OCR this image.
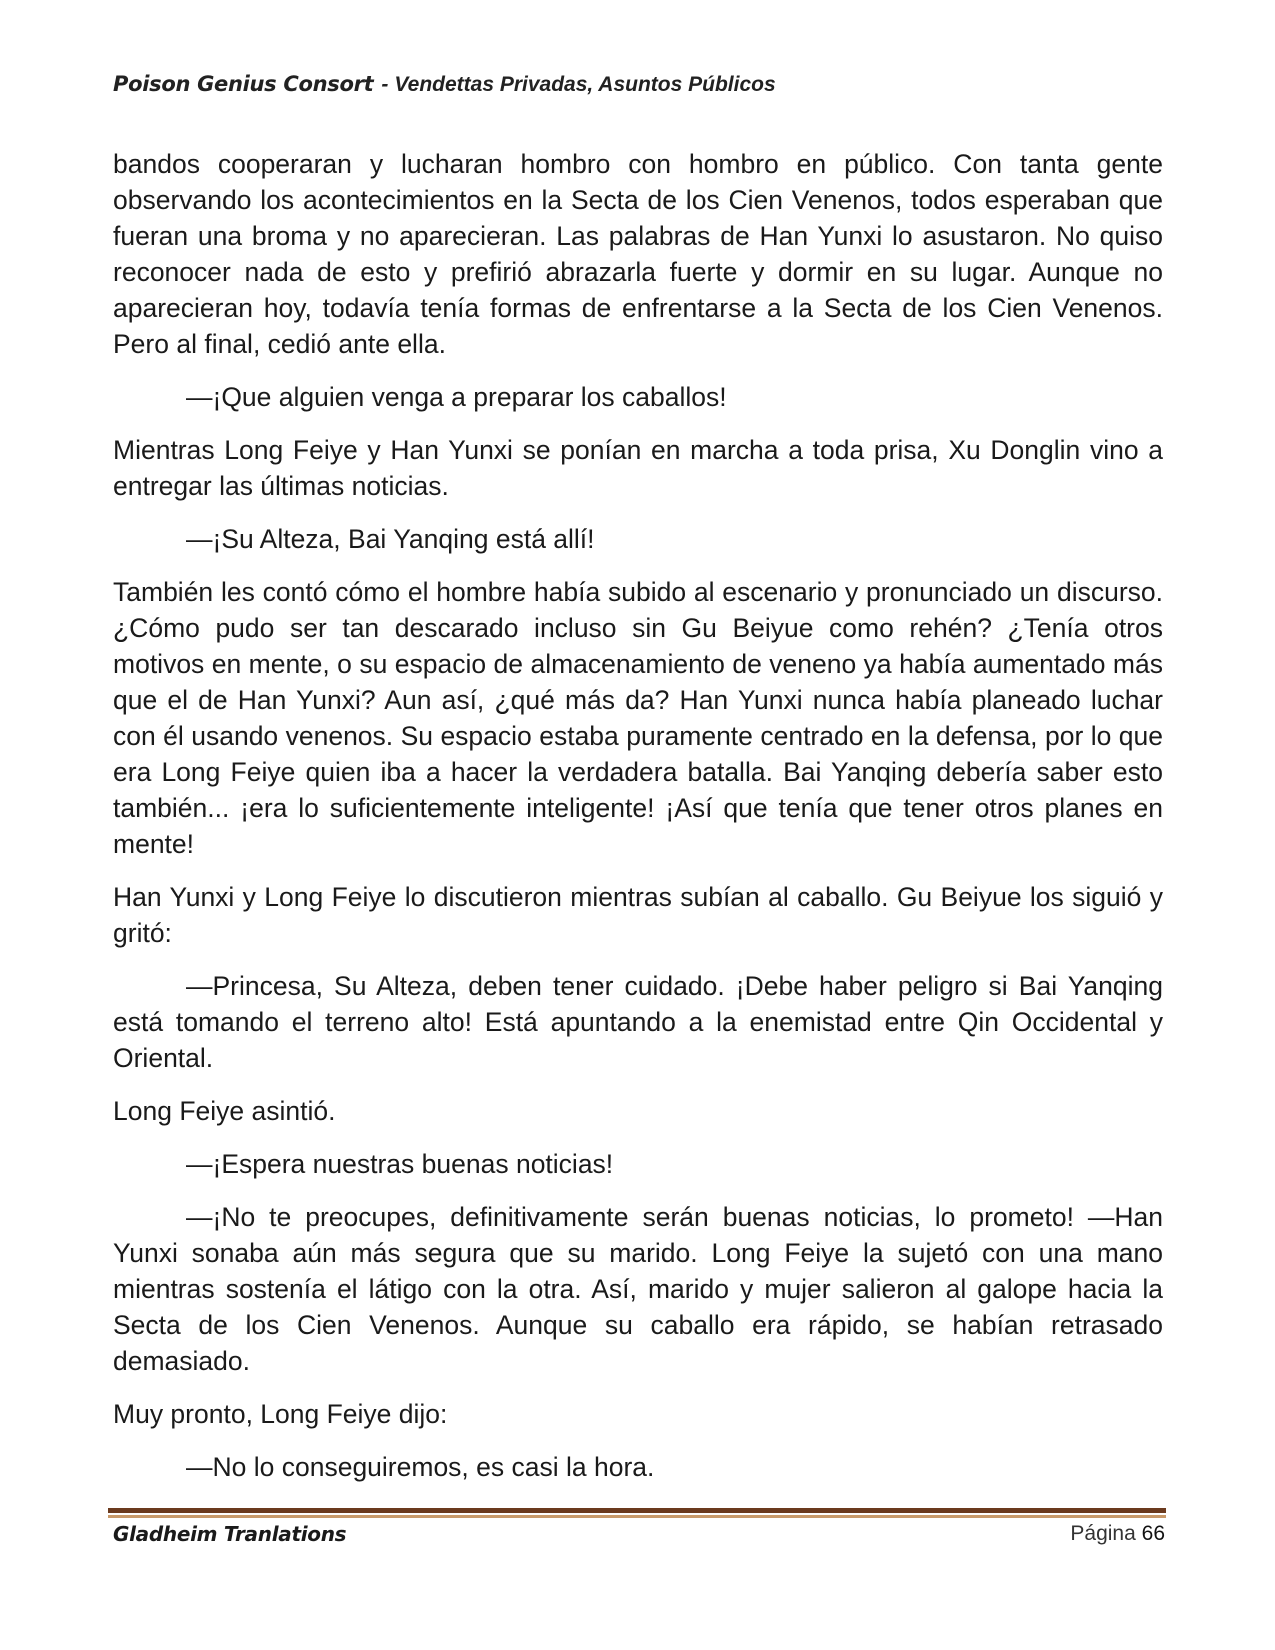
Poison Genius Consort - Vendettas Privadas, Asuntos Públicos

bandos cooperaran y lucharan hombro con hombro en público. Con tanta gente observando los acontecimientos en la Secta de los Cien Venenos, todos esperaban que fueran una broma y no aparecieran. Las palabras de Han Yunxi lo asustaron. No quiso reconocer nada de esto y prefirió abrazarla fuerte y dormir en su lugar. Aunque no aparecieran hoy, todavía tenía formas de enfrentarse a la Secta de los Cien Venenos. Pero al final, cedió ante ella.

—¡Que alguien venga a preparar los caballos!

Mientras Long Feiye y Han Yunxi se ponían en marcha a toda prisa, Xu Donglin vino a entregar las últimas noticias.

—¡Su Alteza, Bai Yanqing está allí!

También les contó cómo el hombre había subido al escenario y pronunciado un discurso. ¿Cómo pudo ser tan descarado incluso sin Gu Beiyue como rehén? ¿Tenía otros motivos en mente, o su espacio de almacenamiento de veneno ya había aumentado más que el de Han Yunxi? Aun así, ¿qué más da? Han Yunxi nunca había planeado luchar con él usando venenos. Su espacio estaba puramente centrado en la defensa, por lo que era Long Feiye quien iba a hacer la verdadera batalla. Bai Yanqing debería saber esto también... ¡era lo suficientemente inteligente! ¡Así que tenía que tener otros planes en mente!

Han Yunxi y Long Feiye lo discutieron mientras subían al caballo. Gu Beiyue los siguió y gritó:

—Princesa, Su Alteza, deben tener cuidado. ¡Debe haber peligro si Bai Yanqing está tomando el terreno alto! Está apuntando a la enemistad entre Qin Occidental y Oriental.

Long Feiye asintió.

—¡Espera nuestras buenas noticias!

—¡No te preocupes, definitivamente serán buenas noticias, lo prometo! —Han Yunxi sonaba aún más segura que su marido. Long Feiye la sujetó con una mano mientras sostenía el látigo con la otra. Así, marido y mujer salieron al galope hacia la Secta de los Cien Venenos. Aunque su caballo era rápido, se habían retrasado demasiado.

Muy pronto, Long Feiye dijo:

—No lo conseguiremos, es casi la hora.

Gladheim Tranlations	Página 66
